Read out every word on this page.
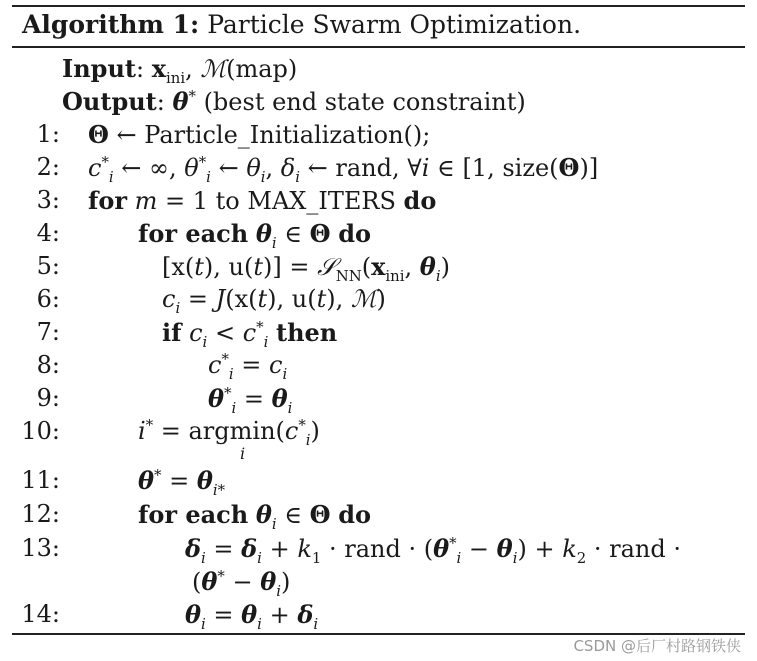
Algorithm 1: Particle Swarm Optimization.
Input: $x_{ini}$, ℳ(map)
Output: θ* (best end state constraint)
1: Θ ← Particle_Initialization();
2: $c^*_i$ ← ∞, $\theta^*_i$ ← $\theta_i$, $\delta_i$ ← rand, ∀i ∈ [1, size(Θ)]
3: for m = 1 to MAX_ITERS do
4:	for each $\theta_i$ ∈ Θ do
5:	[x(t), $u(t)] = 𝒮_{NN}(x_{ini}$, $\theta_i$)
6:	$c_i = J(x(t)$, u(t), ℳ)
7:	if $c_i < c^*_i$ then
8:	$c^*_i = c_i$
9:	$\theta^*_i = \theta_i$
10:	$i^* = argmin(c^*_i)$
i
11:	$\theta^* = \theta_{i*}$
12:	for each $\theta_i$ ∈ Θ do
13:	$\delta_i = \delta_i + k_1$ · rand · $(\theta^*_i - \theta_i) + k_2$ · rand ·
$(\theta^* - \theta_i)$
14:	$\theta_i = \theta_i + \delta_i$
CSDN @后厂村路钢铁侠
